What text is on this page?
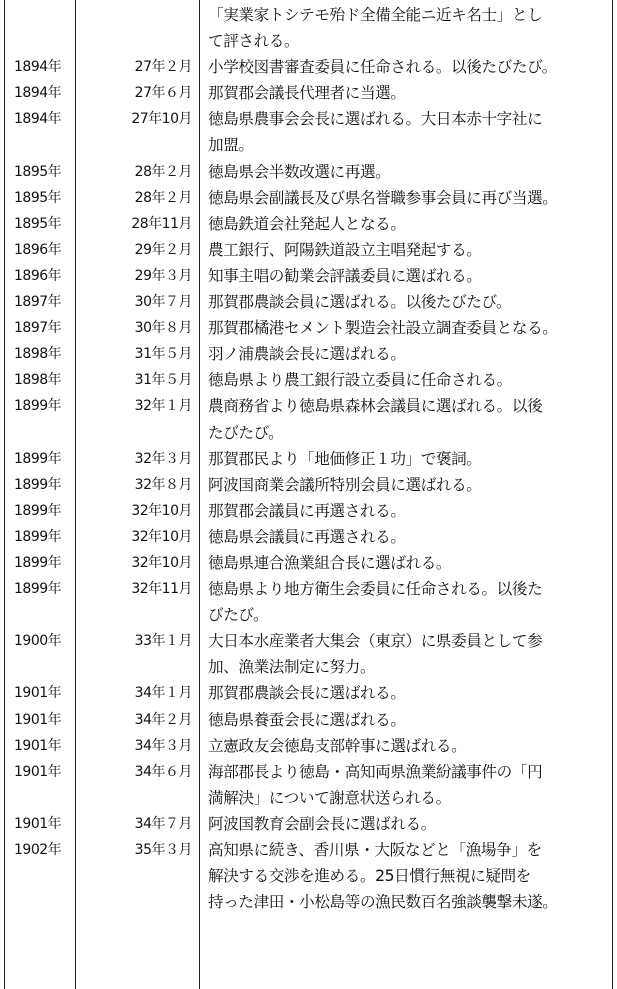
「実業家トシテモ殆ド全備全能ニ近キ名士」とし
て評される。
1894年	27年２月 小学校図書審査委員に任命される。以後たびたび。
1894年	27年６月 那賀郡会議長代理者に当選。
1894年	27年10月 徳島県農事会会長に選ばれる。大日本赤十字社に
加盟。
1895年	28年２月 徳島県会半数改選に再選。
1895年	28年２月 徳島県会副議長及び県名誉職参事会員に再び当選。
1895年	28年11月 徳島鉄道会社発起人となる。
1896年	29年２月 農工銀行、阿陽鉄道設立主唱発起する。
1896年	29年３月 知事主唱の勧業会評議委員に選ばれる。
1897年	30年７月 那賀郡農談会員に選ばれる。以後たびたび。
1897年	30年８月 那賀郡橘港セメント製造会社設立調査委員となる。
1898年	31年５月 羽ノ浦農談会長に選ばれる。
1898年	31年５月 徳島県より農工銀行設立委員に任命される。
1899年	32年１月 農商務省より徳島県森林会議員に選ばれる。以後
たびたび。
1899年	32年３月 那賀郡民より「地価修正１功」で褒詞。
1899年	32年８月 阿波国商業会議所特別会員に選ばれる。
1899年	32年10月 那賀郡会議員に再選される。
1899年	32年10月 徳島県会議員に再選される。
1899年	32年10月 徳島県連合漁業組合長に選ばれる。
1899年	32年11月 徳島県より地方衛生会委員に任命される。以後た
びたび。
1900年	33年１月 大日本水産業者大集会（東京）に県委員として参
加、漁業法制定に努力。
1901年	34年１月 那賀郡農談会長に選ばれる。
1901年	34年２月 徳島県養蚕会長に選ばれる。
1901年	34年３月 立憲政友会徳島支部幹事に選ばれる。
1901年	34年６月 海部郡長より徳島・高知両県漁業紛議事件の「円
満解決」について謝意状送られる。
1901年	34年７月 阿波国教育会副会長に選ばれる。
1902年	35年３月 高知県に続き、香川県・大阪などと「漁場争」を
解決する交渉を進める。25日慣行無視に疑問を
持った津田・小松島等の漁民数百名強談襲撃未遂。
